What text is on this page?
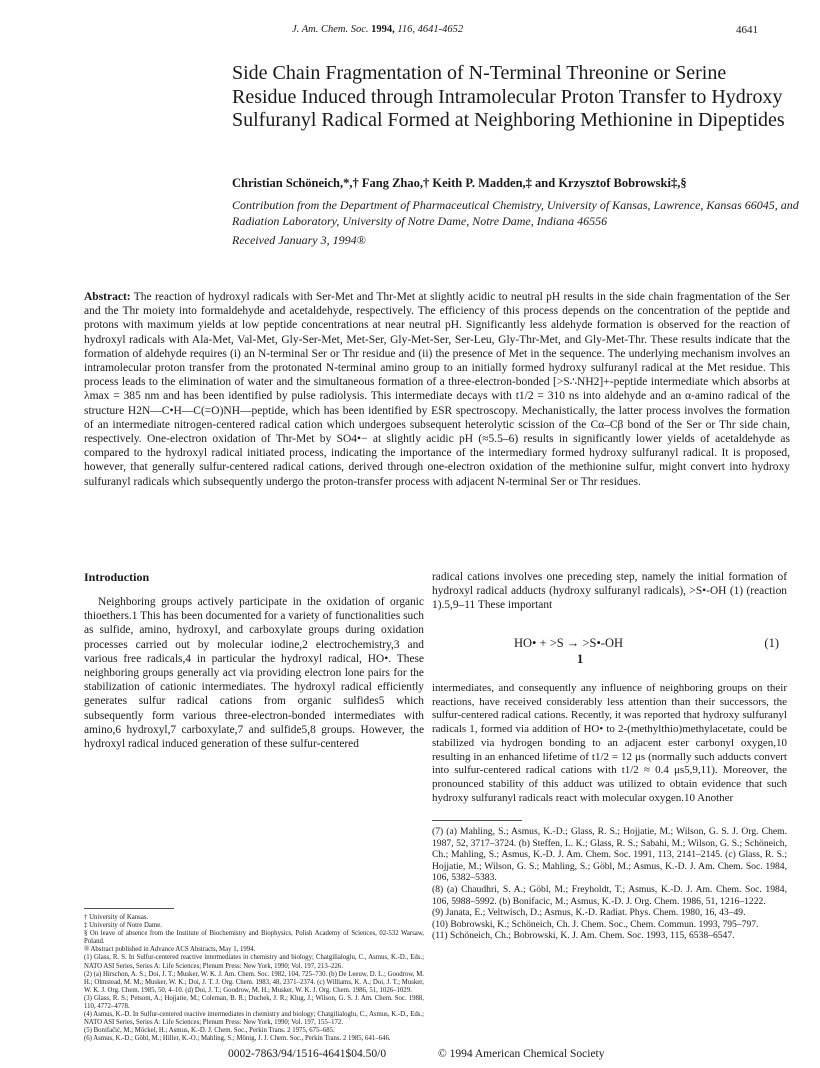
J. Am. Chem. Soc. 1994, 116, 4641-4652	4641
Side Chain Fragmentation of N-Terminal Threonine or Serine Residue Induced through Intramolecular Proton Transfer to Hydroxy Sulfuranyl Radical Formed at Neighboring Methionine in Dipeptides
Christian Schöneich,*,† Fang Zhao,† Keith P. Madden,‡ and Krzysztof Bobrowski‡,§
Contribution from the Department of Pharmaceutical Chemistry, University of Kansas, Lawrence, Kansas 66045, and Radiation Laboratory, University of Notre Dame, Notre Dame, Indiana 46556
Received January 3, 1994®
Abstract: The reaction of hydroxyl radicals with Ser-Met and Thr-Met at slightly acidic to neutral pH results in the side chain fragmentation of the Ser and the Thr moiety into formaldehyde and acetaldehyde, respectively. The efficiency of this process depends on the concentration of the peptide and protons with maximum yields at low peptide concentrations at near neutral pH. Significantly less aldehyde formation is observed for the reaction of hydroxyl radicals with Ala-Met, Val-Met, Gly-Ser-Met, Met-Ser, Gly-Met-Ser, Ser-Leu, Gly-Thr-Met, and Gly-Met-Thr. These results indicate that the formation of aldehyde requires (i) an N-terminal Ser or Thr residue and (ii) the presence of Met in the sequence. The underlying mechanism involves an intramolecular proton transfer from the protonated N-terminal amino group to an initially formed hydroxy sulfuranyl radical at the Met residue. This process leads to the elimination of water and the simultaneous formation of a three-electron-bonded [>S∴NH2]+-peptide intermediate which absorbs at λmax = 385 nm and has been identified by pulse radiolysis. This intermediate decays with t1/2 = 310 ns into aldehyde and an α-amino radical of the structure H2N—C•H—C(=O)NH—peptide, which has been identified by ESR spectroscopy. Mechanistically, the latter process involves the formation of an intermediate nitrogen-centered radical cation which undergoes subsequent heterolytic scission of the Cα–Cβ bond of the Ser or Thr side chain, respectively. One-electron oxidation of Thr-Met by SO4•− at slightly acidic pH (≈5.5–6) results in significantly lower yields of acetaldehyde as compared to the hydroxyl radical initiated process, indicating the importance of the intermediary formed hydroxy sulfuranyl radical. It is proposed, however, that generally sulfur-centered radical cations, derived through one-electron oxidation of the methionine sulfur, might convert into hydroxy sulfuranyl radicals which subsequently undergo the proton-transfer process with adjacent N-terminal Ser or Thr residues.
Introduction
Neighboring groups actively participate in the oxidation of organic thioethers.1 This has been documented for a variety of functionalities such as sulfide, amino, hydroxyl, and carboxylate groups during oxidation processes carried out by molecular iodine,2 electrochemistry,3 and various free radicals,4 in particular the hydroxyl radical, HO•. These neighboring groups generally act via providing electron lone pairs for the stabilization of cationic intermediates. The hydroxyl radical efficiently generates sulfur radical cations from organic sulfides5 which subsequently form various three-electron-bonded intermediates with amino,6 hydroxyl,7 carboxylate,7 and sulfide5,8 groups. However, the hydroxyl radical induced generation of these sulfur-centered
radical cations involves one preceding step, namely the initial formation of hydroxyl radical adducts (hydroxy sulfuranyl radicals), >S•-OH (1) (reaction 1).5,9–11 These important
HO• + >S → >S•-OH
1
(1)
intermediates, and consequently any influence of neighboring groups on their reactions, have received considerably less attention than their successors, the sulfur-centered radical cations. Recently, it was reported that hydroxy sulfuranyl radicals 1, formed via addition of HO• to 2-(methylthio)methylacetate, could be stabilized via hydrogen bonding to an adjacent ester carbonyl oxygen,10 resulting in an enhanced lifetime of t1/2 = 12 μs (normally such adducts convert into sulfur-centered radical cations with t1/2 ≈ 0.4 μs5,9,11). Moreover, the pronounced stability of this adduct was utilized to obtain evidence that such hydroxy sulfuranyl radicals react with molecular oxygen.10 Another

(7) (a) Mahling, S.; Asmus, K.-D.; Glass, R. S.; Hojjatie, M.; Wilson, G. S. J. Org. Chem. 1987, 52, 3717–3724. (b) Steffen, L. K.; Glass, R. S.; Sabahi, M.; Wilson, G. S.; Schöneich, Ch.; Mahling, S.; Asmus, K.-D. J. Am. Chem. Soc. 1991, 113, 2141–2145. (c) Glass, R. S.; Hojjatie, M.; Wilson, G. S.; Mahling, S.; Göbl, M.; Asmus, K.-D. J. Am. Chem. Soc. 1984, 106, 5382–5383.

(8) (a) Chaudhri, S. A.; Göbl, M.; Freyholdt, T.; Asmus, K.-D. J. Am. Chem. Soc. 1984, 106, 5988–5992. (b) Bonifacic, M.; Asmus, K.-D. J. Org. Chem. 1986, 51, 1216–1222.

(9) Janata, E.; Veltwisch, D.; Asmus, K.-D. Radiat. Phys. Chem. 1980, 16, 43–49.

(10) Bobrowski, K.; Schöneich, Ch. J. Chem. Soc., Chem. Commun. 1993, 795–797.

(11) Schöneich, Ch.; Bobrowski, K. J. Am. Chem. Soc. 1993, 115, 6538–6547.

† University of Kansas.

‡ University of Notre Dame.

§ On leave of absence from the Institute of Biochemistry and Biophysics, Polish Academy of Sciences, 02-532 Warsaw, Poland.

® Abstract published in Advance ACS Abstracts, May 1, 1994.

(1) Glass, R. S. In Sulfur-centered reactive intermediates in chemistry and biology; Chatgilialoglu, C., Asmus, K.-D., Eds.; NATO ASI Series, Series A: Life Sciences; Plenum Press: New York, 1990; Vol. 197, 213–226.

(2) (a) Hirschon, A. S.; Doi, J. T.; Musker, W. K. J. Am. Chem. Soc. 1982, 104, 725–730. (b) De Leeuw, D. L.; Goodrow, M. H.; Olmstead, M. M.; Musker, W. K.; Doi, J. T. J. Org. Chem. 1983, 48, 2371–2374. (c) Williams, K. A.; Doi, J. T.; Musker, W. K. J. Org. Chem. 1985, 50, 4–10. (d) Doi, J. T.; Goodrow, M. H.; Musker, W. K. J. Org. Chem. 1986, 51, 1026–1029.

(3) Glass, R. S.; Petsom, A.; Hojjatie, M.; Coleman, B. R.; Duchek, J. R.; Klug, J.; Wilson, G. S. J. Am. Chem. Soc. 1988, 110, 4772–4778.

(4) Asmus, K.-D. In Sulfur-centered reactive intermediates in chemistry and biology; Chatgilialoglu, C., Asmus, K.-D., Eds.; NATO ASI Series, Series A: Life Sciences; Plenum Press: New York, 1990; Vol. 197, 155–172.

(5) Bonifačić, M.; Möckel, H.; Asmus, K.-D. J. Chem. Soc., Perkin Trans. 2 1975, 675–685.

(6) Asmus, K.-D.; Göbl, M.; Hiller, K.-O.; Mahling, S.; Mönig, J. J. Chem. Soc., Perkin Trans. 2 1985, 641–646.

0002-7863/94/1516-4641$04.50/0	© 1994 American Chemical Society
